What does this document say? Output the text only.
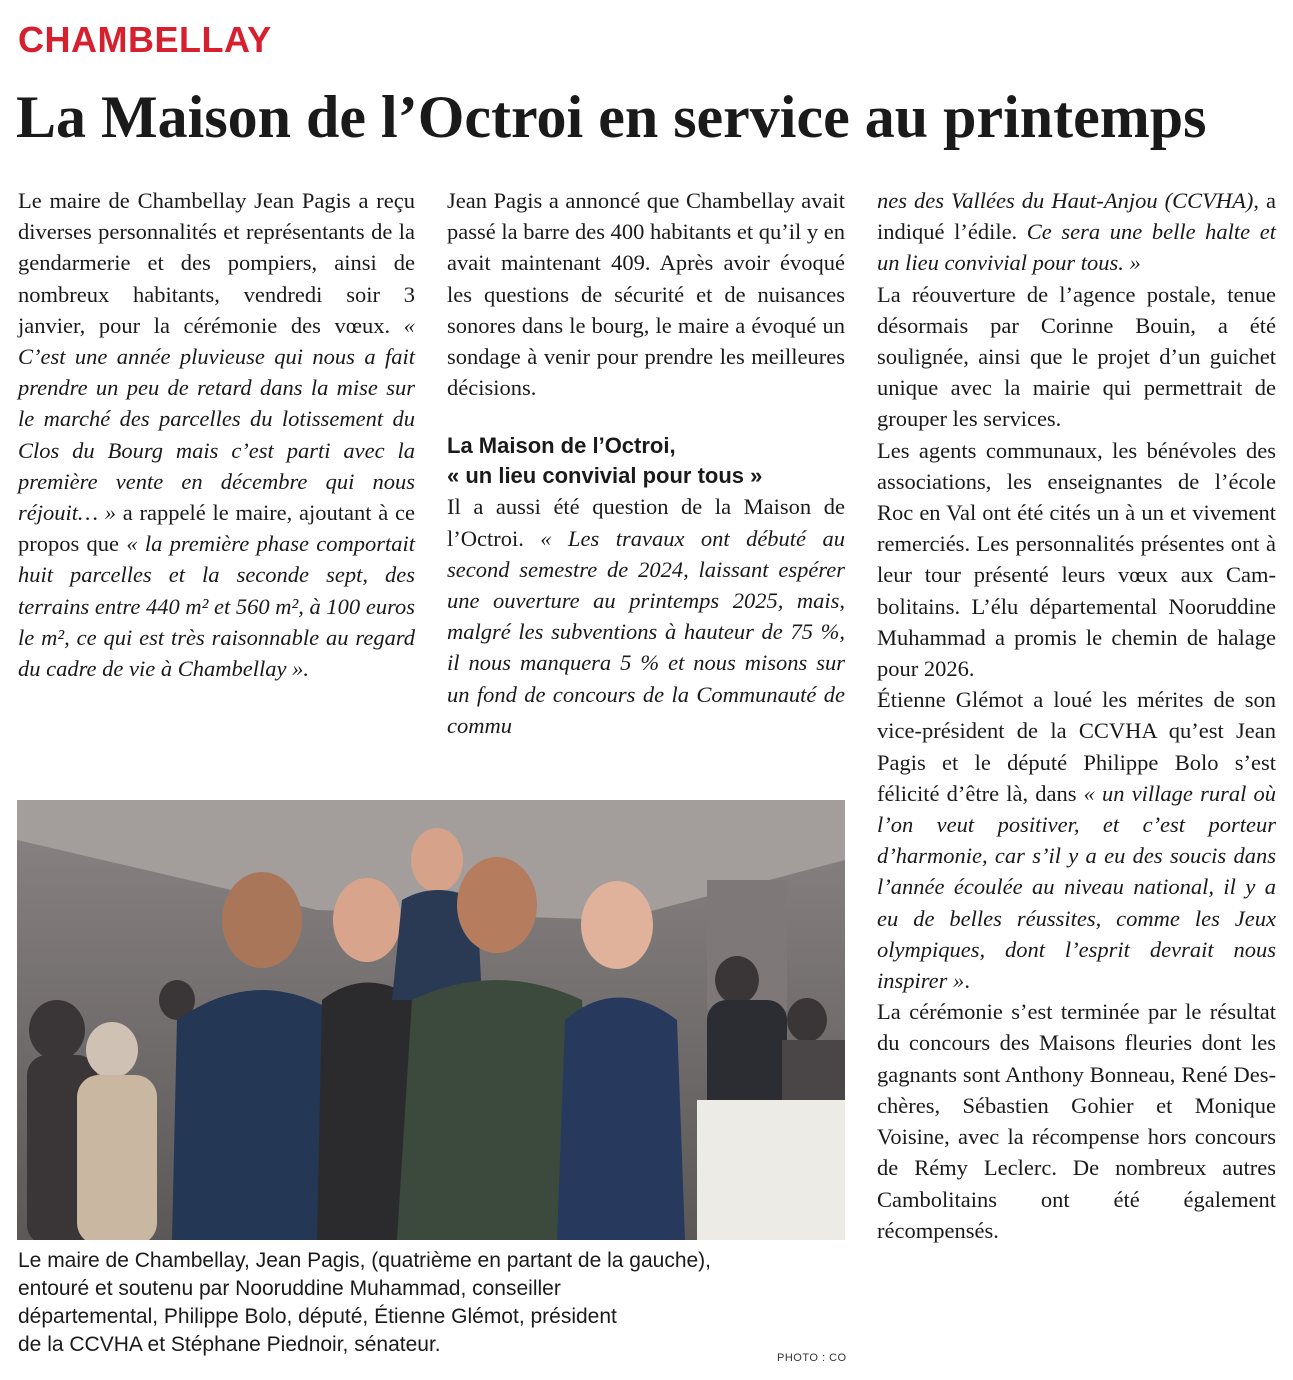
CHAMBELLAY
La Maison de l’Octroi en service au printemps

Le maire de Chambellay Jean Pagis a reçu diverses personnalités et représentants de la gendarmerie et des pompiers, ainsi de nombreux habitants, vendredi soir 3 janvier, pour la cérémonie des vœux. « C’est une année pluvieuse qui nous a fait prendre un peu de retard dans la mise sur le marché des parcelles du lotissement du Clos du Bourg mais c’est parti avec la première vente en décembre qui nous réjouit… » a rappelé le maire, ajoutant à ce propos que « la première phase comportait huit parcelles et la seconde sept, des terrains entre 440 m² et 560 m², à 100 euros le m², ce qui est très raisonnable au regard du cadre de vie à Chambellay ».

Jean Pagis a annoncé que Chambellay avait passé la barre des 400 habitants et qu’il y en avait maintenant 409. Après avoir évoqué les questions de sécurité et de nuisances sonores dans le bourg, le maire a évoqué un sondage à venir pour prendre les meilleures décisions.

La Maison de l’Octroi,
« un lieu convivial pour tous »

Il a aussi été question de la Maison de l’Octroi. « Les travaux ont débuté au second semestre de 2024, laissant espérer une ouverture au printemps 2025, mais, malgré les subventions à hauteur de 75 %, il nous manquera 5 % et nous misons sur un fond de concours de la Communauté de commu

nes des Vallées du Haut-Anjou (CCVHA), a indiqué l’édile. Ce sera une belle halte et un lieu convivial pour tous. »

La réouverture de l’agence postale, tenue désormais par Corinne Bouin, a été soulignée, ainsi que le projet d’un guichet unique avec la mairie qui permettrait de grouper les services.

Les agents communaux, les bénévoles des associations, les enseignantes de l’école Roc en Val ont été cités un à un et vivement remerciés. Les personnalités présentes ont à leur tour présenté leurs vœux aux Cambolitains. L’élu départemental Nooruddine Muhammad a promis le chemin de halage pour 2026.

Étienne Glémot a loué les mérites de son vice-président de la CCVHA qu’est Jean Pagis et le député Philippe Bolo s’est félicité d’être là, dans « un village rural où l’on veut positiver, et c’est porteur d’harmonie, car s’il y a eu des soucis dans l’année écoulée au niveau national, il y a eu de belles réussites, comme les Jeux olympiques, dont l’esprit devrait nous inspirer ».

La cérémonie s’est terminée par le résultat du concours des Maisons fleuries dont les gagnants sont Anthony Bonneau, René Deschères, Sébastien Gohier et Monique Voisine, avec la récompense hors concours de Rémy Leclerc. De nombreux autres Cambolitains ont été également récompensés.

Le maire de Chambellay, Jean Pagis, (quatrième en partant de la gauche),
entouré et soutenu par Nooruddine Muhammad, conseiller
départemental, Philippe Bolo, député, Étienne Glémot, président
de la CCVHA et Stéphane Piednoir, sénateur.
PHOTO : CO
